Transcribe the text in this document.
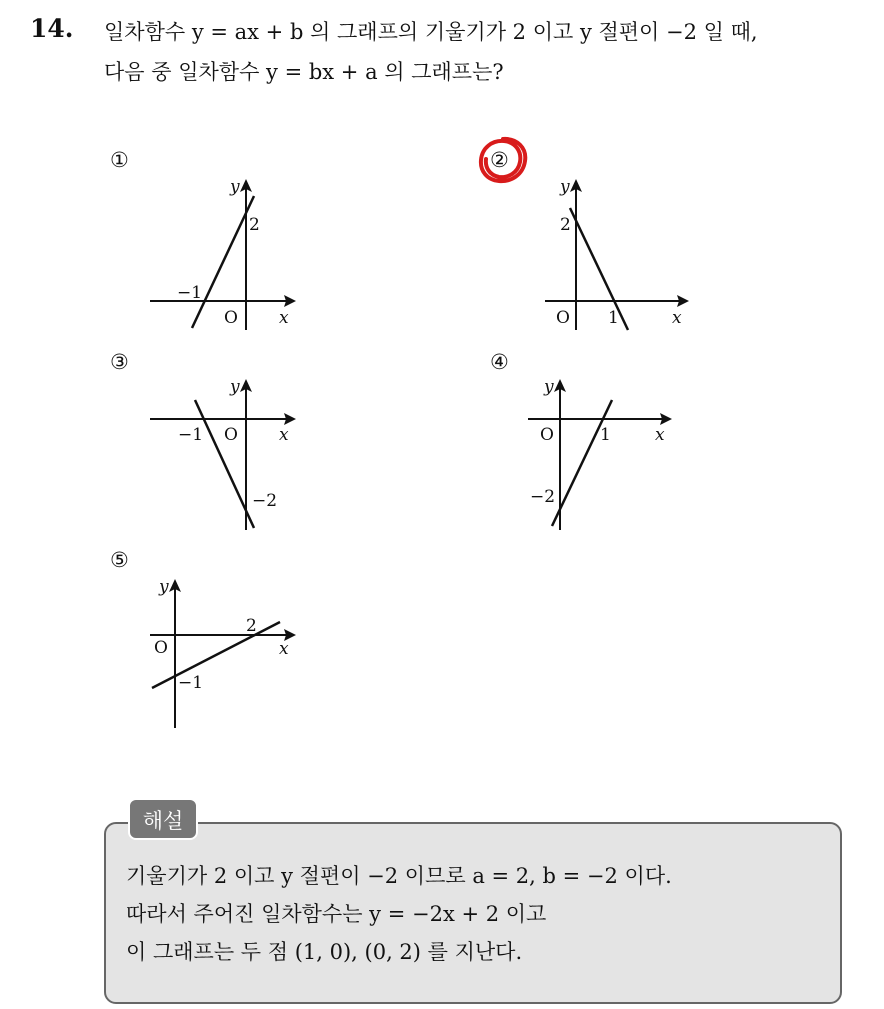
14. 일차함수 y = ax + b 의 그래프의 기울기가 2 이고 y 절편이 −2 일 때,
다음 중 일차함수 y = bx + a 의 그래프는?
①
y
2
−1
O x
②
y
2
O 1	x
③
y
−1 O x
−2
④
y
O	1	x
−2
⑤
y
2
O	x
−1
해설
기울기가 2 이고 y 절편이 −2 이므로 a = 2, b = −2 이다.
따라서 주어진 일차함수는 y = −2x + 2 이고
이 그래프는 두 점 (1, 0), (0, 2) 를 지난다.
